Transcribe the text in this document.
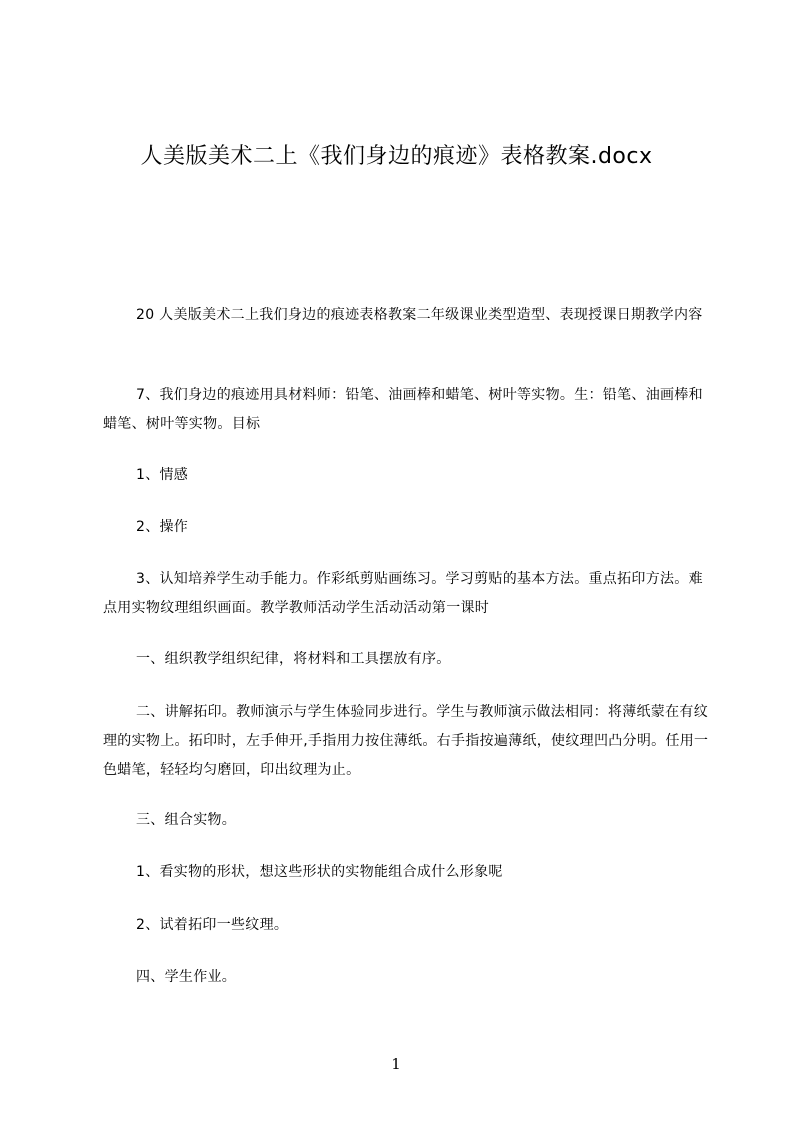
人美版美术二上《我们身边的痕迹》表格教案.docx

20 人美版美术二上我们身边的痕迹表格教案二年级课业类型造型、表现授课日期教学内容

7、我们身边的痕迹用具材料师：铅笔、油画棒和蜡笔、树叶等实物。生：铅笔、油画棒和蜡笔、树叶等实物。目标

1、情感

2、操作

3、认知培养学生动手能力。作彩纸剪贴画练习。学习剪贴的基本方法。重点拓印方法。难点用实物纹理组织画面。教学教师活动学生活动活动第一课时

一、组织教学组织纪律，将材料和工具摆放有序。

二、讲解拓印。教师演示与学生体验同步进行。学生与教师演示做法相同：将薄纸蒙在有纹理的实物上。拓印时，左手伸开,手指用力按住薄纸。右手指按遍薄纸，使纹理凹凸分明。任用一色蜡笔，轻轻均匀磨回，印出纹理为止。

三、组合实物。

1、看实物的形状，想这些形状的实物能组合成什么形象呢

2、试着拓印一些纹理。

四、学生作业。

1
